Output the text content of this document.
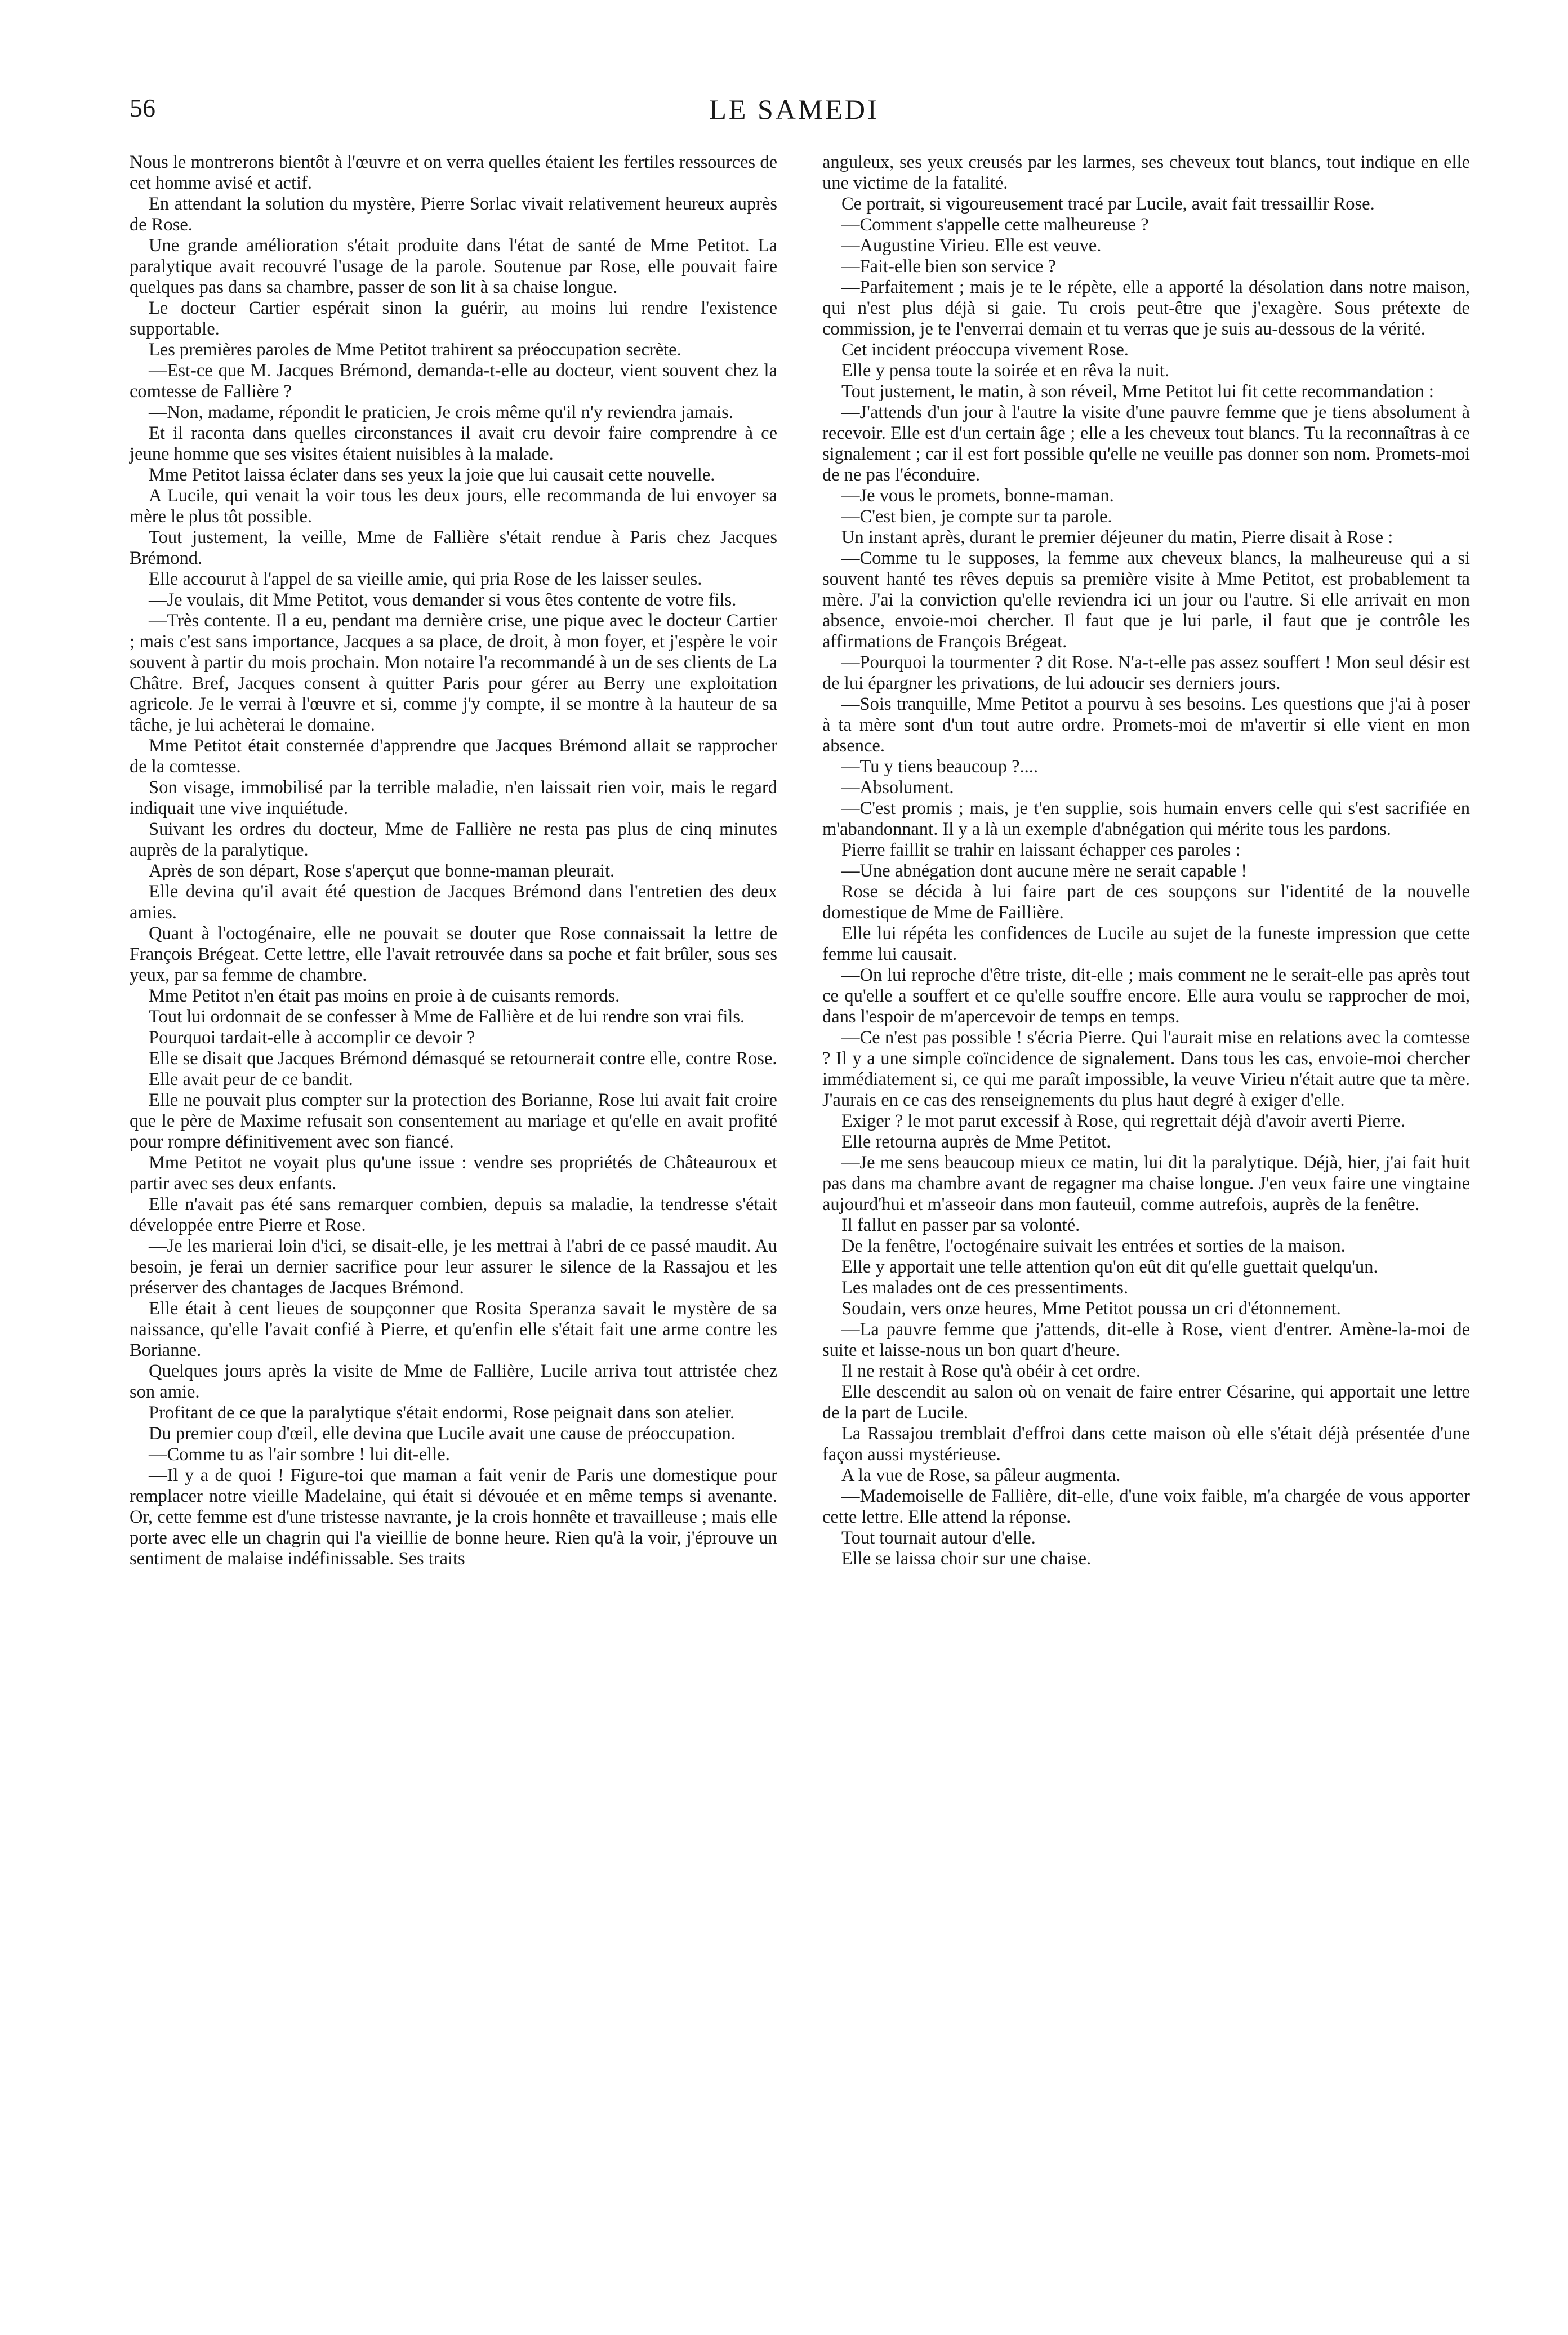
56	LE SAMEDI

Nous le montrerons bientôt à l'œuvre et on verra quelles étaient les fertiles ressources de cet homme avisé et actif.

En attendant la solution du mystère, Pierre Sorlac vivait relativement heureux auprès de Rose.

Une grande amélioration s'était produite dans l'état de santé de Mme Petitot. La paralytique avait recouvré l'usage de la parole. Soutenue par Rose, elle pouvait faire quelques pas dans sa chambre, passer de son lit à sa chaise longue.

Le docteur Cartier espérait sinon la guérir, au moins lui rendre l'existence supportable.

Les premières paroles de Mme Petitot trahirent sa préoccupation secrète.

—Est-ce que M. Jacques Brémond, demanda-t-elle au docteur, vient souvent chez la comtesse de Fallière ?

—Non, madame, répondit le praticien, Je crois même qu'il n'y reviendra jamais.

Et il raconta dans quelles circonstances il avait cru devoir faire comprendre à ce jeune homme que ses visites étaient nuisibles à la malade.

Mme Petitot laissa éclater dans ses yeux la joie que lui causait cette nouvelle.

A Lucile, qui venait la voir tous les deux jours, elle recommanda de lui envoyer sa mère le plus tôt possible.

Tout justement, la veille, Mme de Fallière s'était rendue à Paris chez Jacques Brémond.

Elle accourut à l'appel de sa vieille amie, qui pria Rose de les laisser seules.

—Je voulais, dit Mme Petitot, vous demander si vous êtes contente de votre fils.

—Très contente. Il a eu, pendant ma dernière crise, une pique avec le docteur Cartier ; mais c'est sans importance, Jacques a sa place, de droit, à mon foyer, et j'espère le voir souvent à partir du mois prochain. Mon notaire l'a recommandé à un de ses clients de La Châtre. Bref, Jacques consent à quitter Paris pour gérer au Berry une exploitation agricole. Je le verrai à l'œuvre et si, comme j'y compte, il se montre à la hauteur de sa tâche, je lui achèterai le domaine.

Mme Petitot était consternée d'apprendre que Jacques Brémond allait se rapprocher de la comtesse.

Son visage, immobilisé par la terrible maladie, n'en laissait rien voir, mais le regard indiquait une vive inquiétude.

Suivant les ordres du docteur, Mme de Fallière ne resta pas plus de cinq minutes auprès de la paralytique.

Après de son départ, Rose s'aperçut que bonne-maman pleurait.

Elle devina qu'il avait été question de Jacques Brémond dans l'entretien des deux amies.

Quant à l'octogénaire, elle ne pouvait se douter que Rose connaissait la lettre de François Brégeat. Cette lettre, elle l'avait retrouvée dans sa poche et fait brûler, sous ses yeux, par sa femme de chambre.

Mme Petitot n'en était pas moins en proie à de cuisants remords.

Tout lui ordonnait de se confesser à Mme de Fallière et de lui rendre son vrai fils.

Pourquoi tardait-elle à accomplir ce devoir ?

Elle se disait que Jacques Brémond démasqué se retournerait contre elle, contre Rose.

Elle avait peur de ce bandit.

Elle ne pouvait plus compter sur la protection des Borianne, Rose lui avait fait croire que le père de Maxime refusait son consentement au mariage et qu'elle en avait profité pour rompre définitivement avec son fiancé.

Mme Petitot ne voyait plus qu'une issue : vendre ses propriétés de Châteauroux et partir avec ses deux enfants.

Elle n'avait pas été sans remarquer combien, depuis sa maladie, la tendresse s'était développée entre Pierre et Rose.

—Je les marierai loin d'ici, se disait-elle, je les mettrai à l'abri de ce passé maudit. Au besoin, je ferai un dernier sacrifice pour leur assurer le silence de la Rassajou et les préserver des chantages de Jacques Brémond.

Elle était à cent lieues de soupçonner que Rosita Speranza savait le mystère de sa naissance, qu'elle l'avait confié à Pierre, et qu'enfin elle s'était fait une arme contre les Borianne.

Quelques jours après la visite de Mme de Fallière, Lucile arriva tout attristée chez son amie.

Profitant de ce que la paralytique s'était endormi, Rose peignait dans son atelier.

Du premier coup d'œil, elle devina que Lucile avait une cause de préoccupation.

—Comme tu as l'air sombre ! lui dit-elle.

—Il y a de quoi ! Figure-toi que maman a fait venir de Paris une domestique pour remplacer notre vieille Madelaine, qui était si dévouée et en même temps si avenante. Or, cette femme est d'une tristesse navrante, je la crois honnête et travailleuse ; mais elle porte avec elle un chagrin qui l'a vieillie de bonne heure. Rien qu'à la voir, j'éprouve un sentiment de malaise indéfinissable. Ses traits

anguleux, ses yeux creusés par les larmes, ses cheveux tout blancs, tout indique en elle une victime de la fatalité.

Ce portrait, si vigoureusement tracé par Lucile, avait fait tressaillir Rose.

—Comment s'appelle cette malheureuse ?

—Augustine Virieu. Elle est veuve.

—Fait-elle bien son service ?

—Parfaitement ; mais je te le répète, elle a apporté la désolation dans notre maison, qui n'est plus déjà si gaie. Tu crois peut-être que j'exagère. Sous prétexte de commission, je te l'enverrai demain et tu verras que je suis au-dessous de la vérité.

Cet incident préoccupa vivement Rose.

Elle y pensa toute la soirée et en rêva la nuit.

Tout justement, le matin, à son réveil, Mme Petitot lui fit cette recommandation :

—J'attends d'un jour à l'autre la visite d'une pauvre femme que je tiens absolument à recevoir. Elle est d'un certain âge ; elle a les cheveux tout blancs. Tu la reconnaîtras à ce signalement ; car il est fort possible qu'elle ne veuille pas donner son nom. Promets-moi de ne pas l'éconduire.

—Je vous le promets, bonne-maman.

—C'est bien, je compte sur ta parole.

Un instant après, durant le premier déjeuner du matin, Pierre disait à Rose :

—Comme tu le supposes, la femme aux cheveux blancs, la malheureuse qui a si souvent hanté tes rêves depuis sa première visite à Mme Petitot, est probablement ta mère. J'ai la conviction qu'elle reviendra ici un jour ou l'autre. Si elle arrivait en mon absence, envoie-moi chercher. Il faut que je lui parle, il faut que je contrôle les affirmations de François Brégeat.

—Pourquoi la tourmenter ? dit Rose. N'a-t-elle pas assez souffert ! Mon seul désir est de lui épargner les privations, de lui adoucir ses derniers jours.

—Sois tranquille, Mme Petitot a pourvu à ses besoins. Les questions que j'ai à poser à ta mère sont d'un tout autre ordre. Promets-moi de m'avertir si elle vient en mon absence.

—Tu y tiens beaucoup ?....

—Absolument.

—C'est promis ; mais, je t'en supplie, sois humain envers celle qui s'est sacrifiée en m'abandonnant. Il y a là un exemple d'abnégation qui mérite tous les pardons.

Pierre faillit se trahir en laissant échapper ces paroles :

—Une abnégation dont aucune mère ne serait capable !

Rose se décida à lui faire part de ces soupçons sur l'identité de la nouvelle domestique de Mme de Faillière.

Elle lui répéta les confidences de Lucile au sujet de la funeste impression que cette femme lui causait.

—On lui reproche d'être triste, dit-elle ; mais comment ne le serait-elle pas après tout ce qu'elle a souffert et ce qu'elle souffre encore. Elle aura voulu se rapprocher de moi, dans l'espoir de m'apercevoir de temps en temps.

—Ce n'est pas possible ! s'écria Pierre. Qui l'aurait mise en relations avec la comtesse ? Il y a une simple coïncidence de signalement. Dans tous les cas, envoie-moi chercher immédiatement si, ce qui me paraît impossible, la veuve Virieu n'était autre que ta mère. J'aurais en ce cas des renseignements du plus haut degré à exiger d'elle.

Exiger ? le mot parut excessif à Rose, qui regrettait déjà d'avoir averti Pierre.

Elle retourna auprès de Mme Petitot.

—Je me sens beaucoup mieux ce matin, lui dit la paralytique. Déjà, hier, j'ai fait huit pas dans ma chambre avant de regagner ma chaise longue. J'en veux faire une vingtaine aujourd'hui et m'asseoir dans mon fauteuil, comme autrefois, auprès de la fenêtre.

Il fallut en passer par sa volonté.

De la fenêtre, l'octogénaire suivait les entrées et sorties de la maison.

Elle y apportait une telle attention qu'on eût dit qu'elle guettait quelqu'un.

Les malades ont de ces pressentiments.

Soudain, vers onze heures, Mme Petitot poussa un cri d'étonnement.

—La pauvre femme que j'attends, dit-elle à Rose, vient d'entrer. Amène-la-moi de suite et laisse-nous un bon quart d'heure.

Il ne restait à Rose qu'à obéir à cet ordre.

Elle descendit au salon où on venait de faire entrer Césarine, qui apportait une lettre de la part de Lucile.

La Rassajou tremblait d'effroi dans cette maison où elle s'était déjà présentée d'une façon aussi mystérieuse.

A la vue de Rose, sa pâleur augmenta.

—Mademoiselle de Fallière, dit-elle, d'une voix faible, m'a chargée de vous apporter cette lettre. Elle attend la réponse.

Tout tournait autour d'elle.

Elle se laissa choir sur une chaise.
